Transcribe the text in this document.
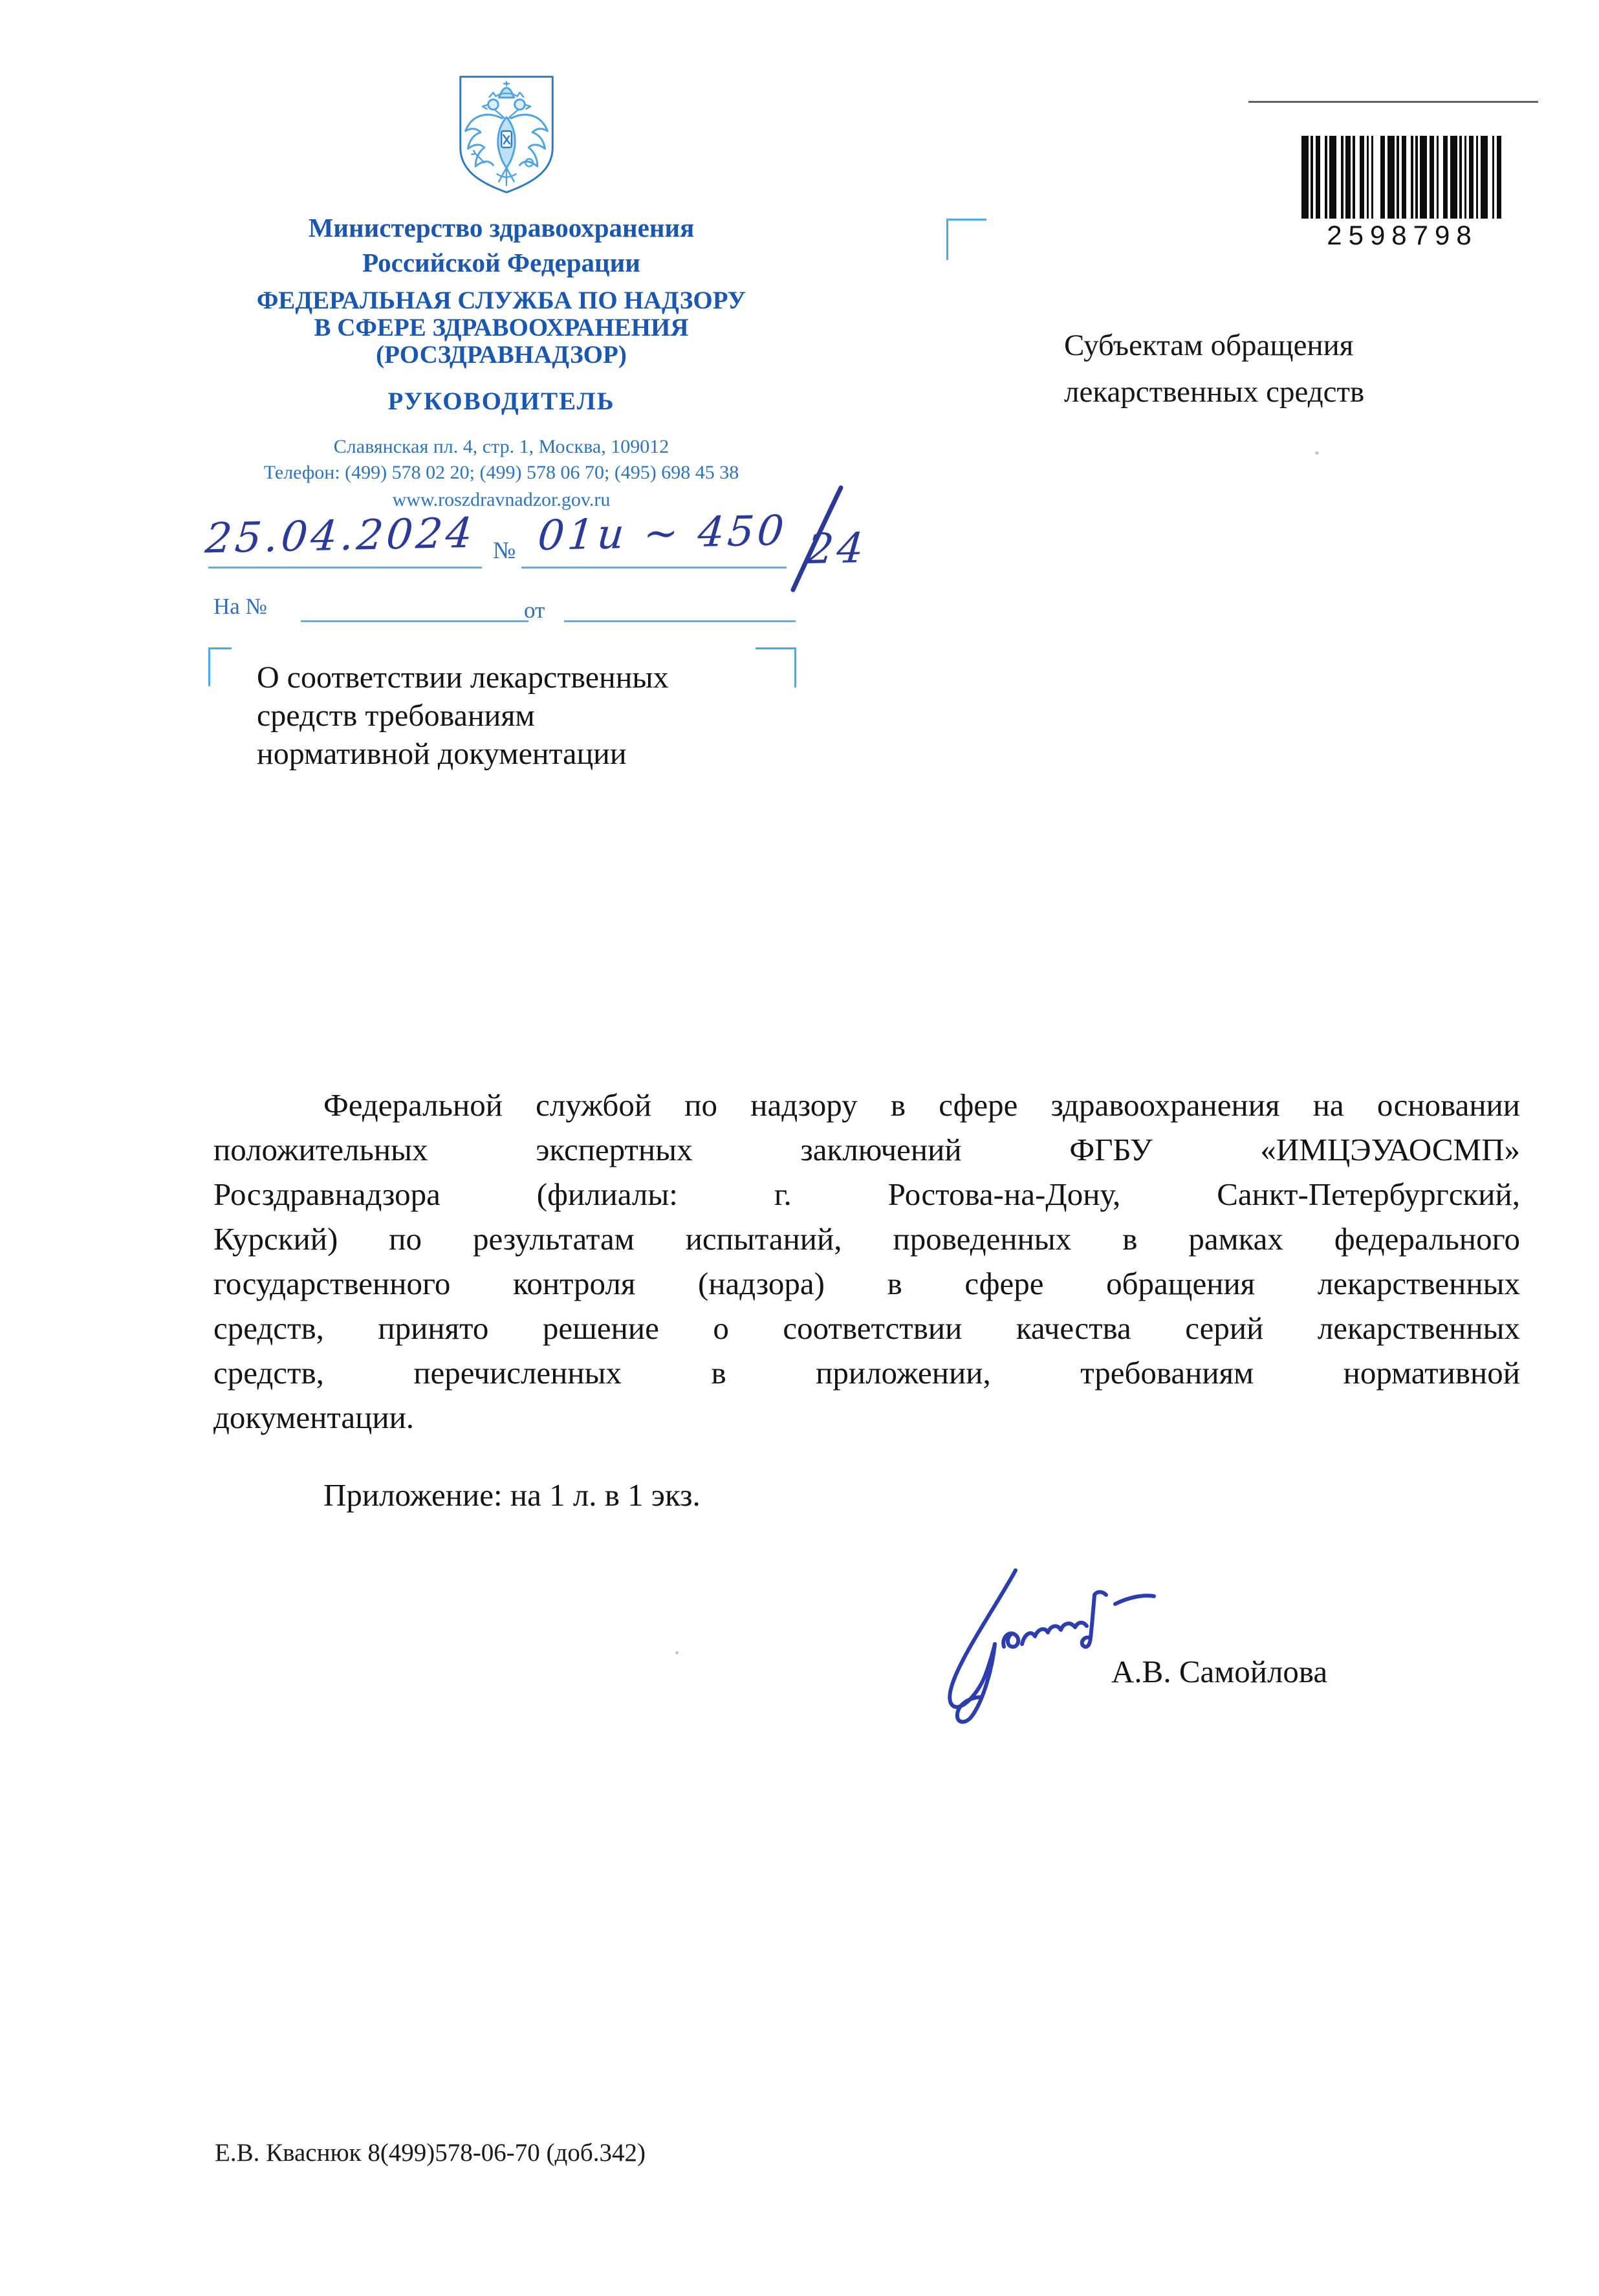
Министерство здравоохранения
Российской Федерации
ФЕДЕРАЛЬНАЯ СЛУЖБА ПО НАДЗОРУ
В СФЕРЕ ЗДРАВООХРАНЕНИЯ
(РОСЗДРАВНАДЗОР)
РУКОВОДИТЕЛЬ
Славянская пл. 4, стр. 1, Москва, 109012
Телефон: (499) 578 02 20; (499) 578 06 70; (495) 698 45 38
www.roszdravnadzor.gov.ru
2598798
Субъектам обращения
лекарственных средств
25.04.2024 № 01и ~ 450 24
На №	от
О соответствии лекарственных
средств требованиям
нормативной документации
Федеральной службой по надзору в сфере здравоохранения на основании
положительных экспертных заключений ФГБУ «ИМЦЭУАОСМП»
Росздравнадзора (филиалы: г. Ростова-на-Дону, Санкт-Петербургский,
Курский) по результатам испытаний, проведенных в рамках федерального
государственного контроля (надзора) в сфере обращения лекарственных
средств, принято решение о соответствии качества серий лекарственных
средств, перечисленных в приложении, требованиям нормативной
документации.
Приложение: на 1 л. в 1 экз.
А.В. Самойлова
Е.В. Кваснюк 8(499)578-06-70 (доб.342)
